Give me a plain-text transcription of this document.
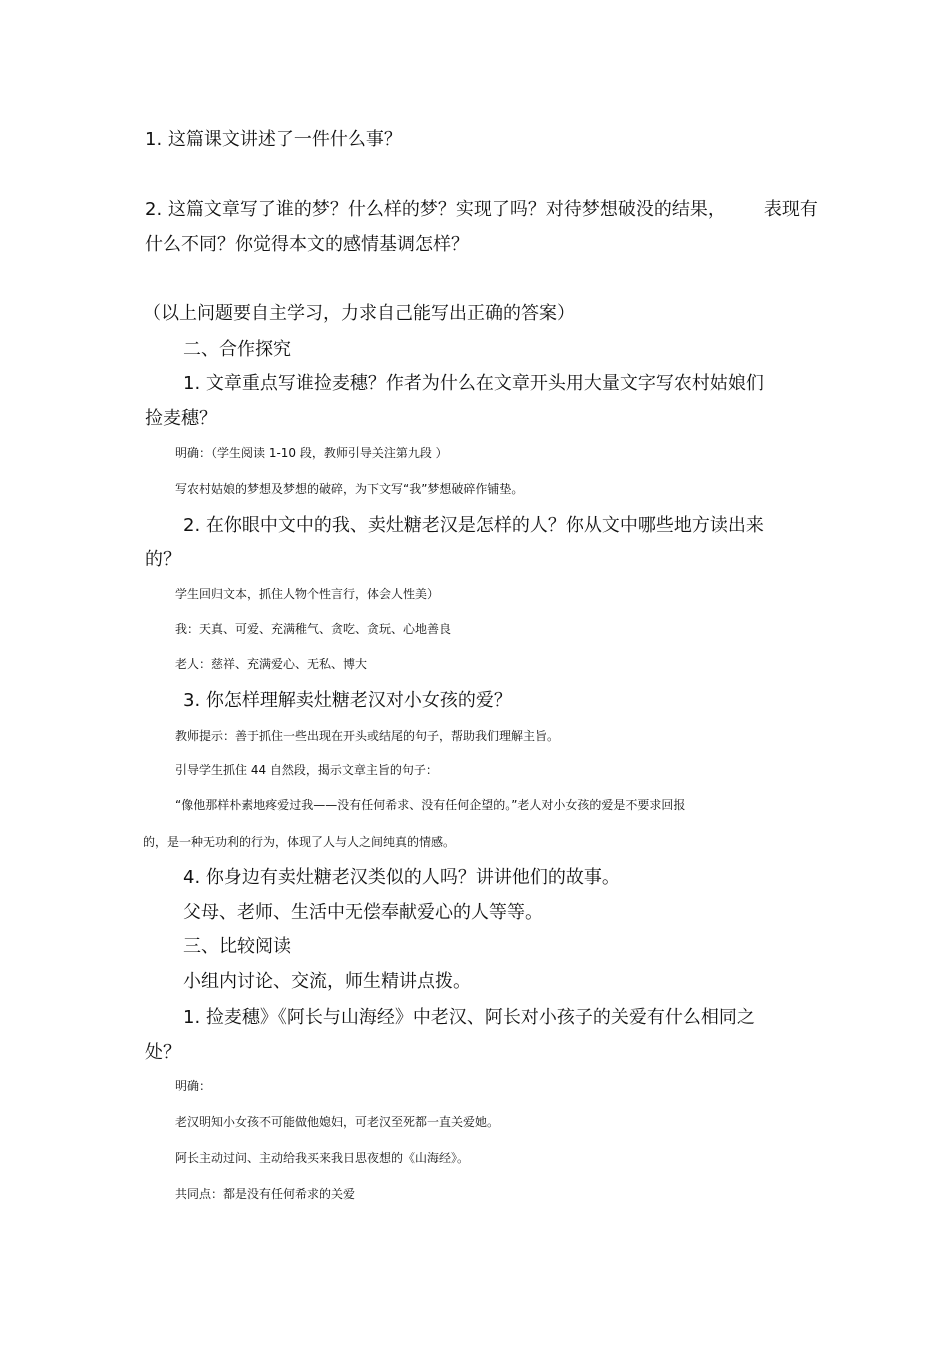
1. 这篇课文讲述了一件什么事？
2. 这篇文章写了谁的梦？什么样的梦？实现了吗？对待梦想破没的结果， 表现有
什么不同？你觉得本文的感情基调怎样？
（以上问题要自主学习，力求自己能写出正确的答案）
二、合作探究
1. 文章重点写谁捡麦穗？作者为什么在文章开头用大量文字写农村姑娘们
捡麦穗？
明确：（学生阅读 1-10 段，教师引导关注第九段 ）
写农村姑娘的梦想及梦想的破碎，为下文写“我”梦想破碎作铺垫。
2. 在你眼中文中的我、卖灶糖老汉是怎样的人？你从文中哪些地方读出来
的？
学生回归文本，抓住人物个性言行，体会人性美）
我：天真、可爱、充满稚气、贪吃、贪玩、心地善良
老人：慈祥、充满爱心、无私、博大
3. 你怎样理解卖灶糖老汉对小女孩的爱？
教师提示：善于抓住一些出现在开头或结尾的句子，帮助我们理解主旨。
引导学生抓住 44 自然段，揭示文章主旨的句子：
“像他那样朴素地疼爱过我——没有任何希求、没有任何企望的。”老人对小女孩的爱是不要求回报
的，是一种无功利的行为，体现了人与人之间纯真的情感。
4. 你身边有卖灶糖老汉类似的人吗？讲讲他们的故事。
父母、老师、生活中无偿奉献爱心的人等等。
三、比较阅读
小组内讨论、交流，师生精讲点拨。
1. 捡麦穗》《阿长与山海经》中老汉、阿长对小孩子的关爱有什么相同之
处？
明确：
老汉明知小女孩不可能做他媳妇，可老汉至死都一直关爱她。
阿长主动过问、主动给我买来我日思夜想的《山海经》。
共同点：都是没有任何希求的关爱
